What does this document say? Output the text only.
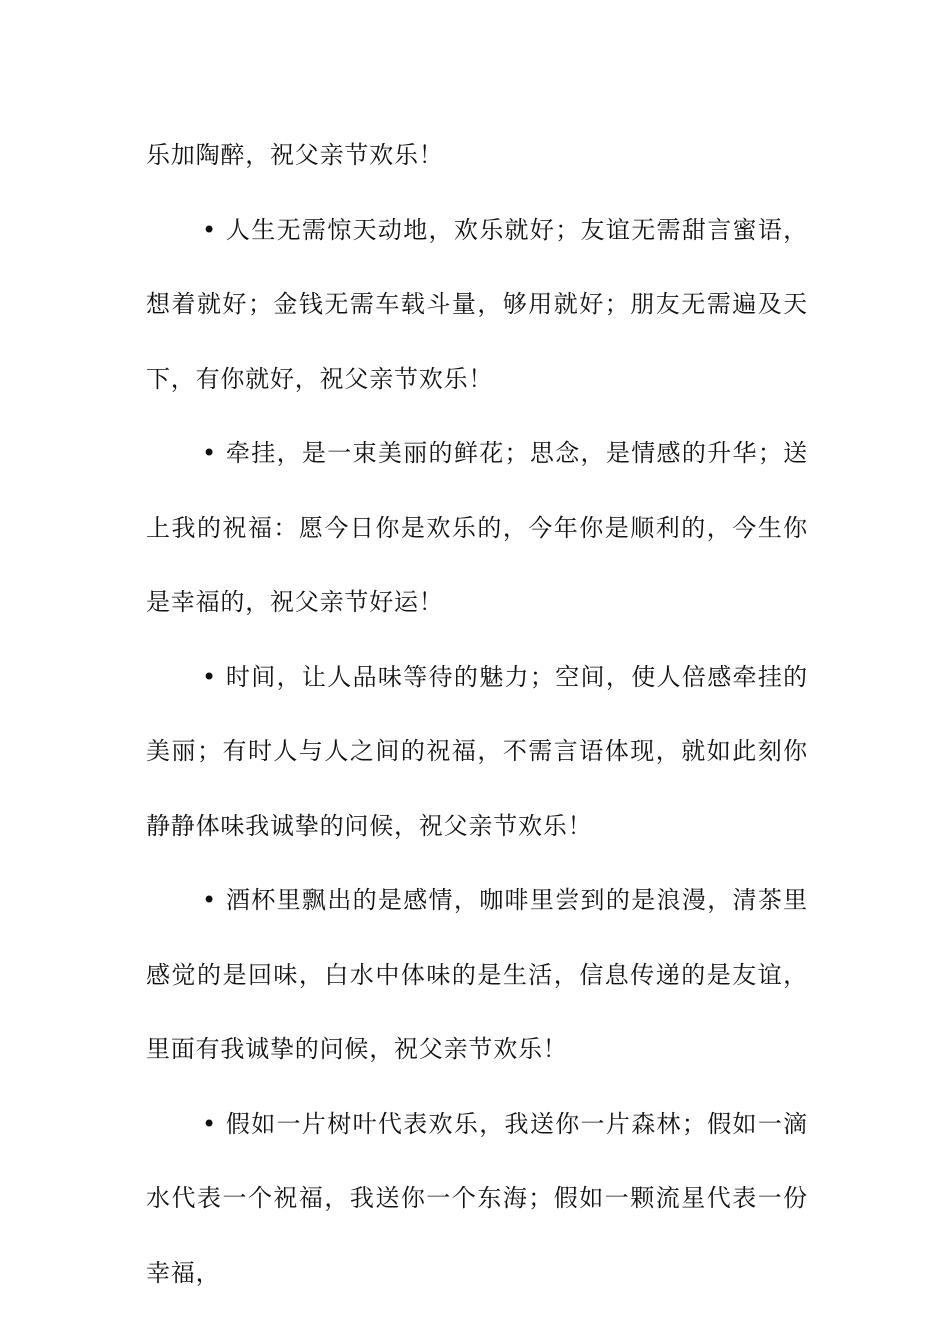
乐加陶醉，祝父亲节欢乐！

• 人生无需惊天动地，欢乐就好；友谊无需甜言蜜语，想着就好；金钱无需车载斗量，够用就好；朋友无需遍及天下，有你就好，祝父亲节欢乐！

• 牵挂，是一束美丽的鲜花；思念，是情感的升华；送上我的祝福：愿今日你是欢乐的，今年你是顺利的，今生你是幸福的，祝父亲节好运！

• 时间，让人品味等待的魅力；空间，使人倍感牵挂的美丽；有时人与人之间的祝福，不需言语体现，就如此刻你静静体味我诚挚的问候，祝父亲节欢乐！

• 酒杯里飘出的是感情，咖啡里尝到的是浪漫，清茶里感觉的是回味，白水中体味的是生活，信息传递的是友谊，里面有我诚挚的问候，祝父亲节欢乐！

• 假如一片树叶代表欢乐，我送你一片森林；假如一滴水代表一个祝福，我送你一个东海；假如一颗流星代表一份幸福，
